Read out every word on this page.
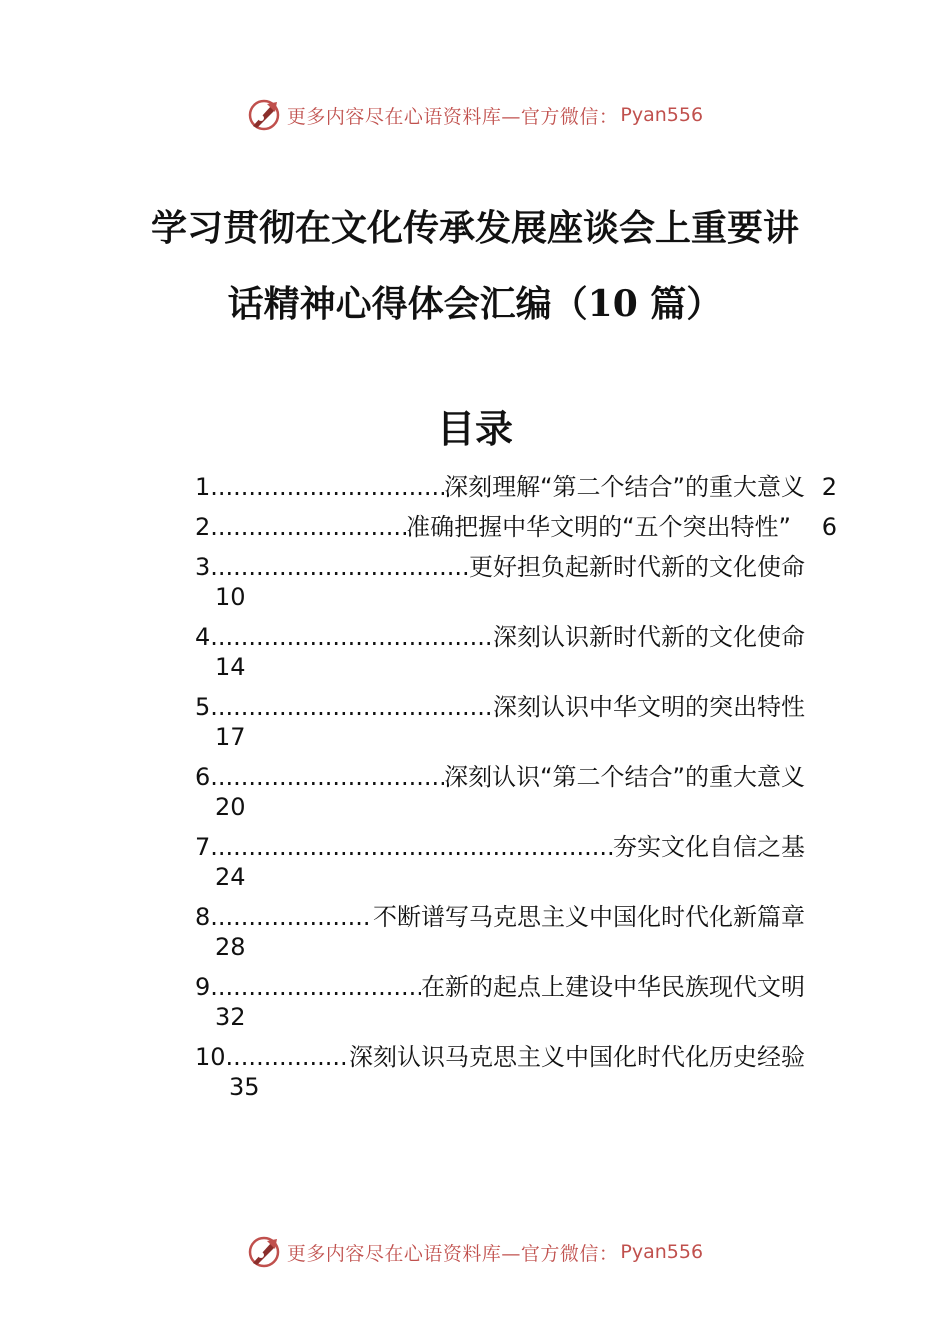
更多内容尽在心语资料库—官方微信： Pyan556
学习贯彻在文化传承发展座谈会上重要讲
话精神心得体会汇编（10 篇）
目录
1 .....	深刻理解“第二个结合”的重大意义 2
2 .....	准确把握中华文明的“五个突出特性” 6
3 .....	更好担负起新时代新的文化使命
10
4 .....	深刻认识新时代新的文化使命
14
5 .....	深刻认识中华文明的突出特性
17
6 .....	深刻认识“第二个结合”的重大意义
20
7 .....	夯实文化自信之基
24
8 .....	不断谱写马克思主义中国化时代化新篇章
28
9 .....	在新的起点上建设中华民族现代文明
32
10 .....	深刻认识马克思主义中国化时代化历史经验
35
更多内容尽在心语资料库—官方微信： Pyan556
